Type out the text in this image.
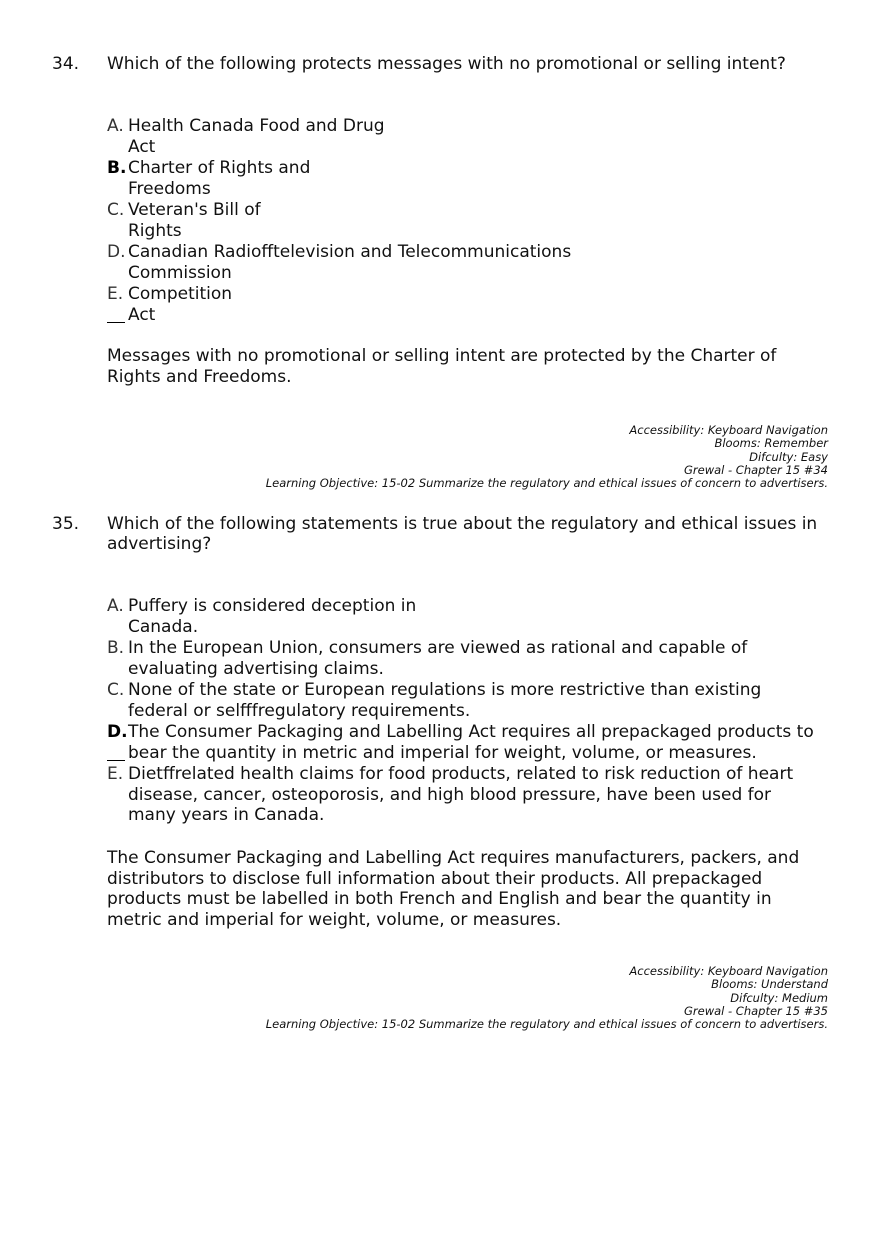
34. Which of the following protects messages with no promotional or selling intent?
A. Health Canada Food and Drug
Act
B. Charter of Rights and
Freedoms
C. Veteran's Bill of
Rights
D. Canadian Radiofftelevision and Telecommunications
Commission
E. Competition
Act
Messages with no promotional or selling intent are protected by the Charter of Rights and Freedoms.
Accessibility: Keyboard Navigation
Blooms: Remember
Difculty: Easy
Grewal - Chapter 15 #34
Learning Objective: 15-02 Summarize the regulatory and ethical issues of concern to advertisers.
35. Which of the following statements is true about the regulatory and ethical issues in advertising?
A. Puffery is considered deception in
Canada.
B. In the European Union, consumers are viewed as rational and capable of
evaluating advertising claims.
C. None of the state or European regulations is more restrictive than existing
federal or selfffregulatory requirements.
D. The Consumer Packaging and Labelling Act requires all prepackaged products to
bear the quantity in metric and imperial for weight, volume, or measures.
E. Dietffrelated health claims for food products, related to risk reduction of heart
disease, cancer, osteoporosis, and high blood pressure, have been used for
many years in Canada.
The Consumer Packaging and Labelling Act requires manufacturers, packers, and distributors to disclose full information about their products. All prepackaged products must be labelled in both French and English and bear the quantity in metric and imperial for weight, volume, or measures.
Accessibility: Keyboard Navigation
Blooms: Understand
Difculty: Medium
Grewal - Chapter 15 #35
Learning Objective: 15-02 Summarize the regulatory and ethical issues of concern to advertisers.
